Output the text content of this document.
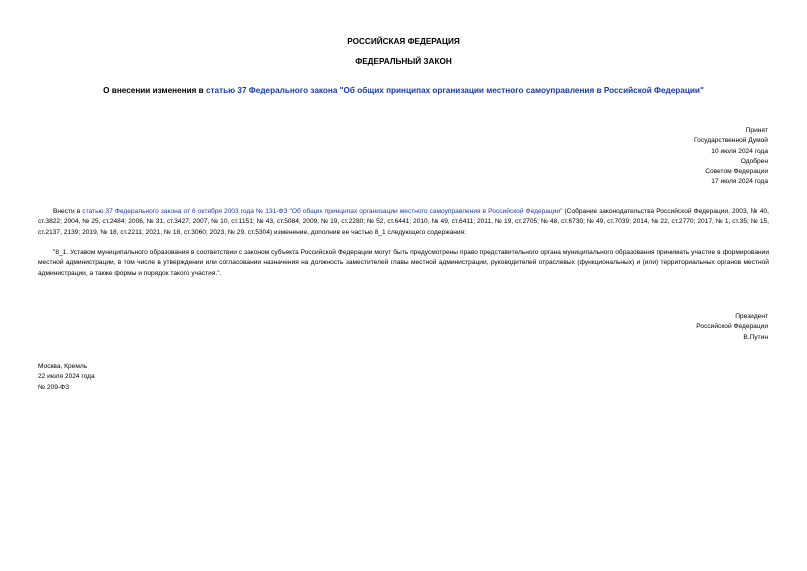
РОССИЙСКАЯ ФЕДЕРАЦИЯ
ФЕДЕРАЛЬНЫЙ ЗАКОН
О внесении изменения в статью 37 Федерального закона "Об общих принципах организации местного самоуправления в Российской Федерации"
Принят
Государственной Думой
10 июля 2024 года
Одобрен
Советом Федерации
17 июля 2024 года
Внести в статью 37 Федерального закона от 6 октября 2003 года № 131-ФЗ "Об общих принципах организации местного самоуправления в Российской Федерации" (Собрание законодательства Российской Федерации, 2003, № 40, ст.3822; 2004, № 25, ст.2484; 2006, № 31, ст.3427; 2007, № 10, ст.1151; № 43, ст.5084; 2009, № 19, ст.2280; № 52, ст.6441; 2010, № 49, ст.6411; 2011, № 19, ст.2705; № 48, ст.6730; № 49, ст.7039; 2014, № 22, ст.2770; 2017, № 1, ст.35; № 15, ст.2137, 2139; 2019, № 18, ст.2211; 2021, № 18, ст.3060; 2023, № 29, ст.5304) изменение, дополнив ее частью 8_1 следующего содержания:
"8_1. Уставом муниципального образования в соответствии с законом субъекта Российской Федерации могут быть предусмотрены право представительного органа муниципального образования принимать участие в формировании местной администрации, в том числе в утверждении или согласовании назначения на должность заместителей главы местной администрации, руководителей отраслевых (функциональных) и (или) территориальных органов местной администрации, а также формы и порядок такого участия.".
Президент
Российской Федерации
В.Путин
Москва, Кремль
22 июля 2024 года
№ 209-ФЗ
